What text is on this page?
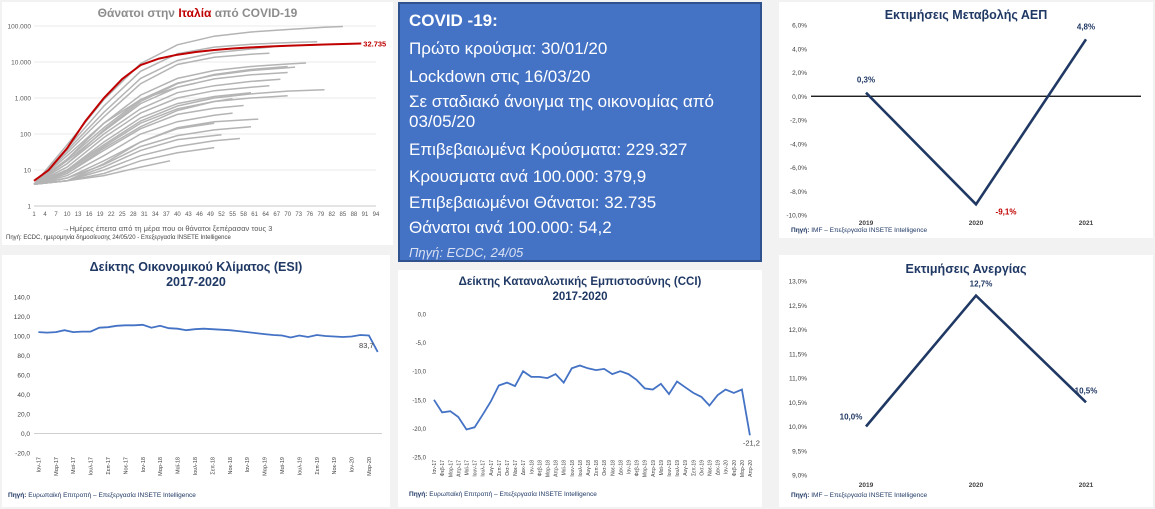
Θάνατοι στην Ιταλία από COVID-19
1
10
100
1.000
10.000
100.000
1 4 7 10 13 16 19 22 25 28 31 34 37 40 43 46 49 52 55 58 61 64 67 70 73 76 79 82 85 88 91 94
32.735
→Ημέρες έπειτα από τη μέρα που οι θάνατοι ξεπέρασαν τους 3
Πηγή: ECDC, ημερομηνία δημοσίευσης 24/05/20 - Επεξεργασία INSETE Intelligence
COVID -19:
Πρώτο κρούσμα: 30/01/20
Lockdown στις 16/03/20
Σε σταδιακό άνοιγμα της οικονομίας από
03/05/20
Επιβεβαιωμένα Κρούσματα: 229.327
Κρουσματα ανά 100.000: 379,9
Επιβεβαιωμένοι Θάνατοι: 32.735
Θάνατοι ανά 100.000: 54,2
Πηγή: ECDC, 24/05
Εκτιμήσεις Μεταβολής ΑΕΠ
6,0%
4,0%
2,0%
0,0%
-2,0%
-4,0%
-6,0%
-8,0%
-10,0%
2019	2020	2021
0,3%
-9,1%
4,8%
Πηγή: IMF – Επεξεργασία INSETE Intelligence
Δείκτης Οικονομικού Κλίματος (ESI)
2017-2020
140,0
120,0
100,0
80,0
60,0
40,0
20,0
0,0
-20,0
Ιαν-17 Μαρ-17 Μαϊ-17 Ιουλ-17 Σεπ-17 Νοε-17 Ιαν-18 Μαρ-18 Μαϊ-18 Ιουλ-18 Σεπ-18 Νοε-18 Ιαν-19 Μαρ-19 Μαϊ-19 Ιουλ-19 Σεπ-19 Νοε-19 Ιαν-20 Μαρ-20
83,7
Πηγή: Ευρωπαϊκή Επιτροπή – Επεξεργασία INSETE Intelligence
Δείκτης Καταναλωτικής Εμπιστοσύνης (CCI)
2017-2020
0,0
-5,0
-10,0
-15,0
-20,0
-25,0
Ιαν-17 Φεβ-17 Μαρ-17 Απρ-17 Μαϊ-17 Ιουν-17 Ιουλ-17 Αυγ-17 Σεπ-17 Οκτ-17 Νοε-17 Δεκ-17 Ιαν-18 Φεβ-18 Μαρ-18 Απρ-18 Μαϊ-18 Ιουν-18 Ιουλ-18 Αυγ-18 Σεπ-18 Οκτ-18 Νοε-18 Δεκ-18 Ιαν-19 Φεβ-19 Μαρ-19 Απρ-19 Μαϊ-19 Ιουν-19 Ιουλ-19 Αυγ-19 Σεπ-19 Οκτ-19 Νοε-19 Δεκ-19 Ιαν-20 Φεβ-20 Μαρ-20 Απρ-20
-21,2
Πηγή: Ευρωπαϊκή Επιτροπή – Επεξεργασία INSETE Intelligence
Εκτιμήσεις Ανεργίας
13,0%
12,5%
12,0%
11,5%
11,0%
10,5%
10,0%
9,5%
9,0%
2019	2020	2021
10,0%
12,7%
10,5%
Πηγή: IMF – Επεξεργασία INSETE Intelligence
